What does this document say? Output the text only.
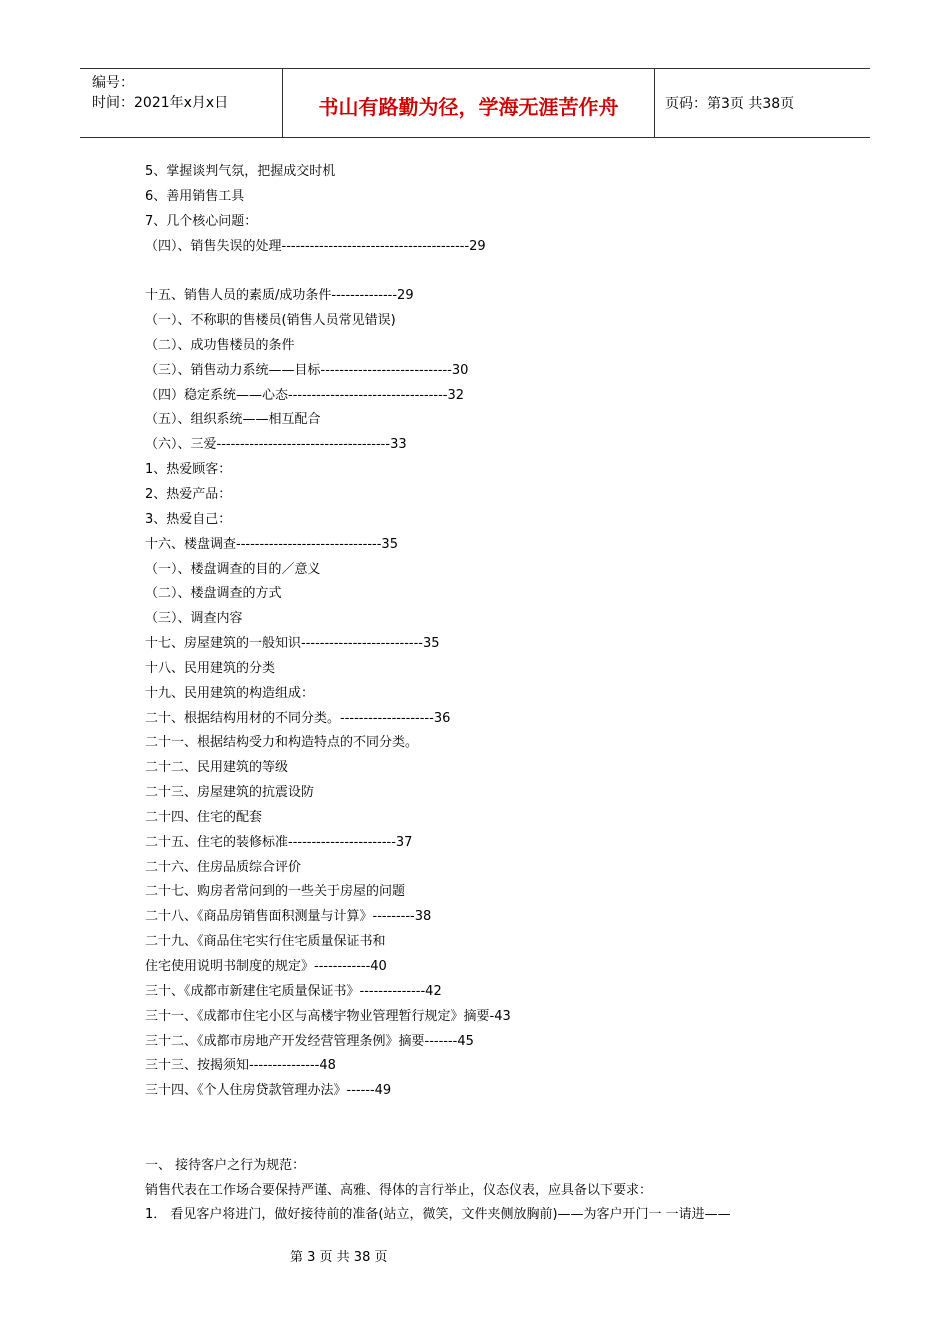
编号：
时间：2021年x月x日	书山有路勤为径，学海无涯苦作舟	页码：第3页 共38页
5、掌握谈判气氛，把握成交时机
6、善用销售工具
7、几个核心问题：
（四）、销售失误的处理----------------------------------------29
十五、销售人员的素质/成功条件--------------29
（一）、不称职的售楼员(销售人员常见错误)
（二）、成功售楼员的条件
（三）、销售动力系统——目标----------------------------30
（四）稳定系统——心态----------------------------------32
（五）、组织系统——相互配合
（六）、三爱-------------------------------------33
1、热爱顾客：
2、热爱产品：
3、热爱自己：
十六、楼盘调查-------------------------------35
（一）、楼盘调查的目的／意义
（二）、楼盘调查的方式
（三）、调查内容
十七、房屋建筑的一般知识--------------------------35
十八、民用建筑的分类
十九、民用建筑的构造组成：
二十、根据结构用材的不同分类。--------------------36
二十一、根据结构受力和构造特点的不同分类。
二十二、民用建筑的等级
二十三、房屋建筑的抗震设防
二十四、住宅的配套
二十五、住宅的装修标准-----------------------37
二十六、住房品质综合评价
二十七、购房者常问到的一些关于房屋的问题
二十八、《商品房销售面积测量与计算》---------38
二十九、《商品住宅实行住宅质量保证书和
住宅使用说明书制度的规定》------------40
三十、《成都市新建住宅质量保证书》--------------42
三十一、《成都市住宅小区与高楼宇物业管理暂行规定》摘要-43
三十二、《成都市房地产开发经营管理条例》摘要-------45
三十三、按揭须知---------------48
三十四、《个人住房贷款管理办法》------49
一、 接待客户之行为规范：
销售代表在工作场合要保持严谨、高雅、得体的言行举止，仪态仪表，应具备以下要求：
1． 看见客户将进门，做好接待前的准备(站立，微笑，文件夹侧放胸前)——为客户开门一 一请进——
第 3 页 共 38 页
